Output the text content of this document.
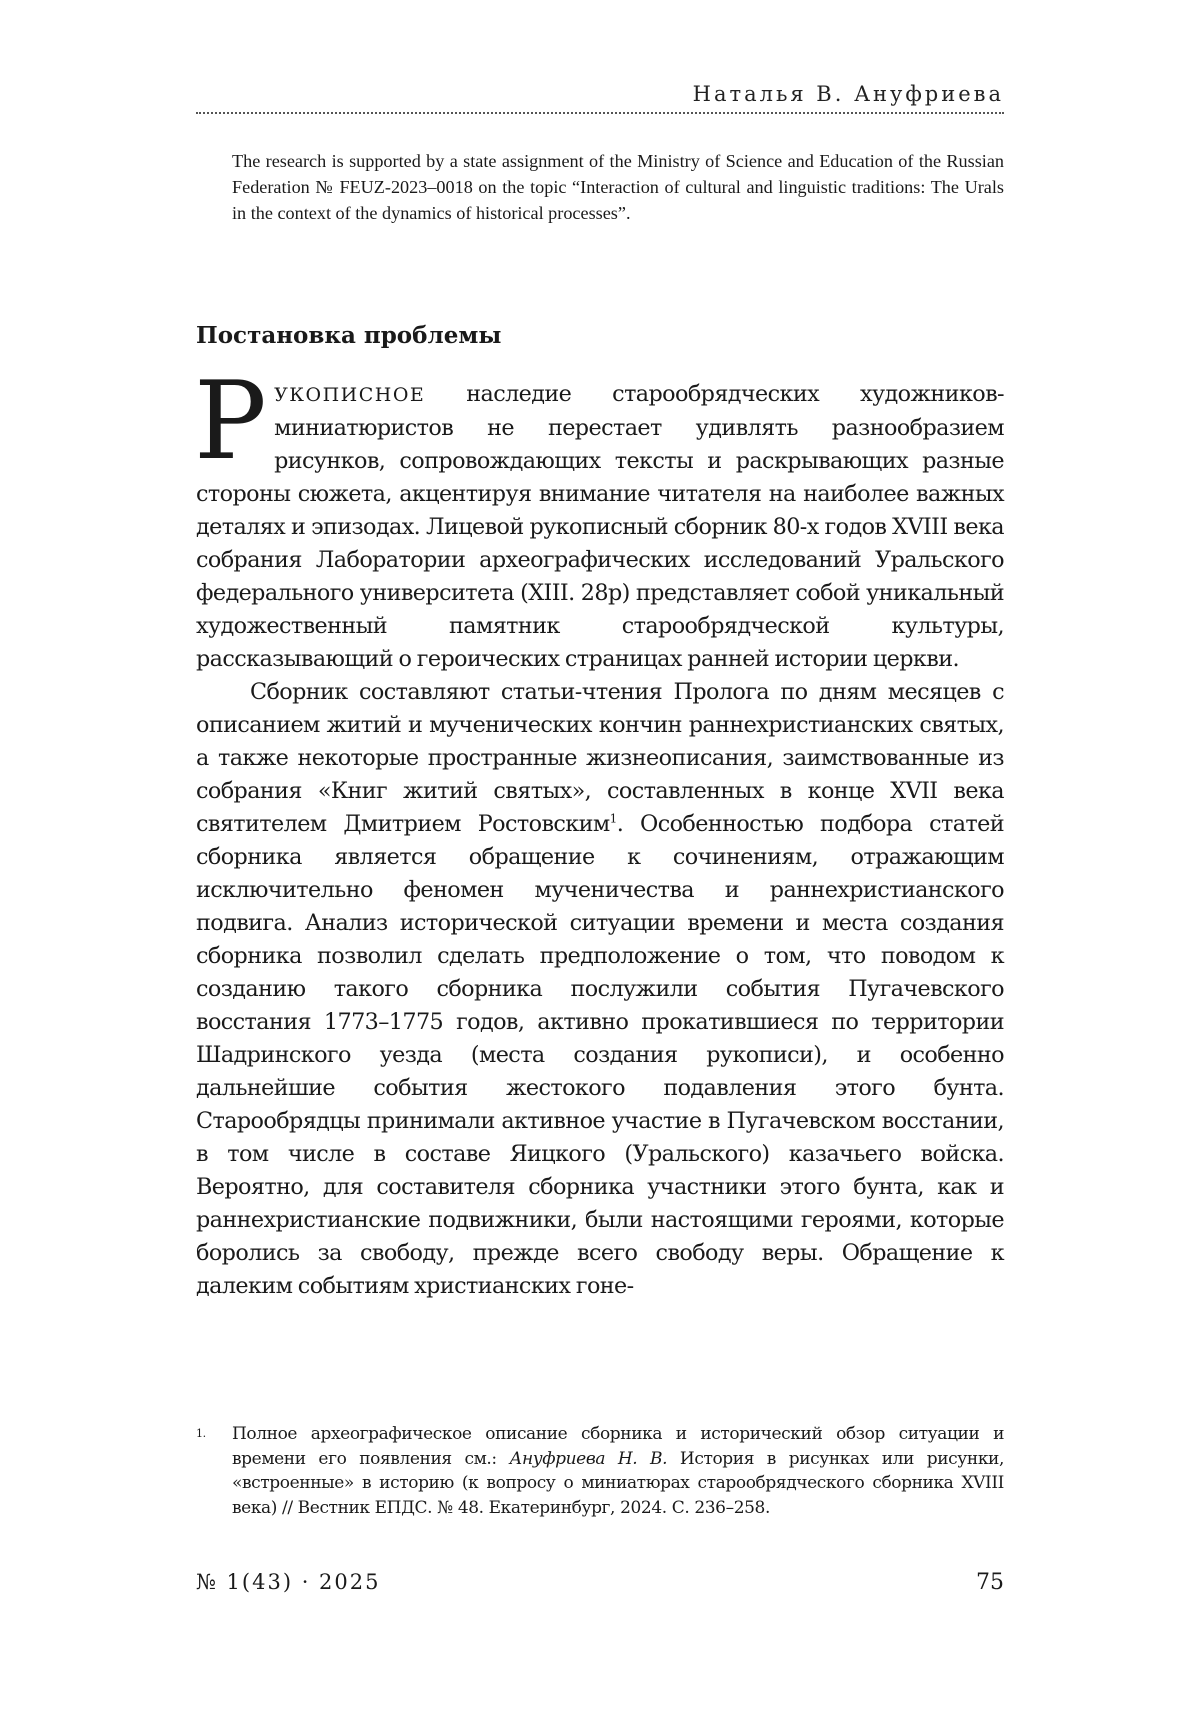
Наталья В. Ануфриева

The research is supported by a state assignment of the Ministry of Science and Education of the Russian Federation № FEUZ-2023–0018 on the topic “Interaction of cultural and linguistic traditions: The Urals in the context of the dynamics of historical processes”.

Постановка проблемы

РУКОПИСНОЕ наследие старообрядческих художников-миниатюристов не перестает удивлять разнообразием рисунков, сопровождающих тексты и раскрывающих разные стороны сюжета, акцентируя внимание читателя на наиболее важных деталях и эпизодах. Лицевой рукописный сборник 80-х годов XVIII века собрания Лаборатории археографических исследований Уральского федерального университета (XIII. 28р) представляет собой уникальный художественный памятник старообрядческой культуры, рассказывающий о героических страницах ранней истории церкви.

Сборник составляют статьи-чтения Пролога по дням месяцев с описанием житий и мученических кончин раннехристианских святых, а также некоторые пространные жизнеописания, заимствованные из собрания «Книг житий святых», составленных в конце XVII века святителем Дмитрием Ростовским$^1$. Особенностью подбора статей сборника является обращение к сочинениям, отражающим исключительно феномен мученичества и раннехристианского подвига. Анализ исторической ситуации времени и места создания сборника позволил сделать предположение о том, что поводом к созданию такого сборника послужили события Пугачевского восстания 1773–1775 годов, активно прокатившиеся по территории Шадринского уезда (места создания рукописи), и особенно дальнейшие события жестокого подавления этого бунта. Старообрядцы принимали активное участие в Пугачевском восстании, в том числе в составе Яицкого (Уральского) казачьего войска. Вероятно, для составителя сборника участники этого бунта, как и раннехристианские подвижники, были настоящими героями, которые боролись за свободу, прежде всего свободу веры. Обращение к далеким событиям христианских гоне-

1. Полное археографическое описание сборника и исторический обзор ситуации и времени его появления см.: Ануфриева Н. В. История в рисунках или рисунки, «встроенные» в историю (к вопросу о миниатюрах старообрядческого сборника XVIII века) // Вестник ЕПДС. № 48. Екатеринбург, 2024. С. 236–258.
№ 1(43) · 2025	75
